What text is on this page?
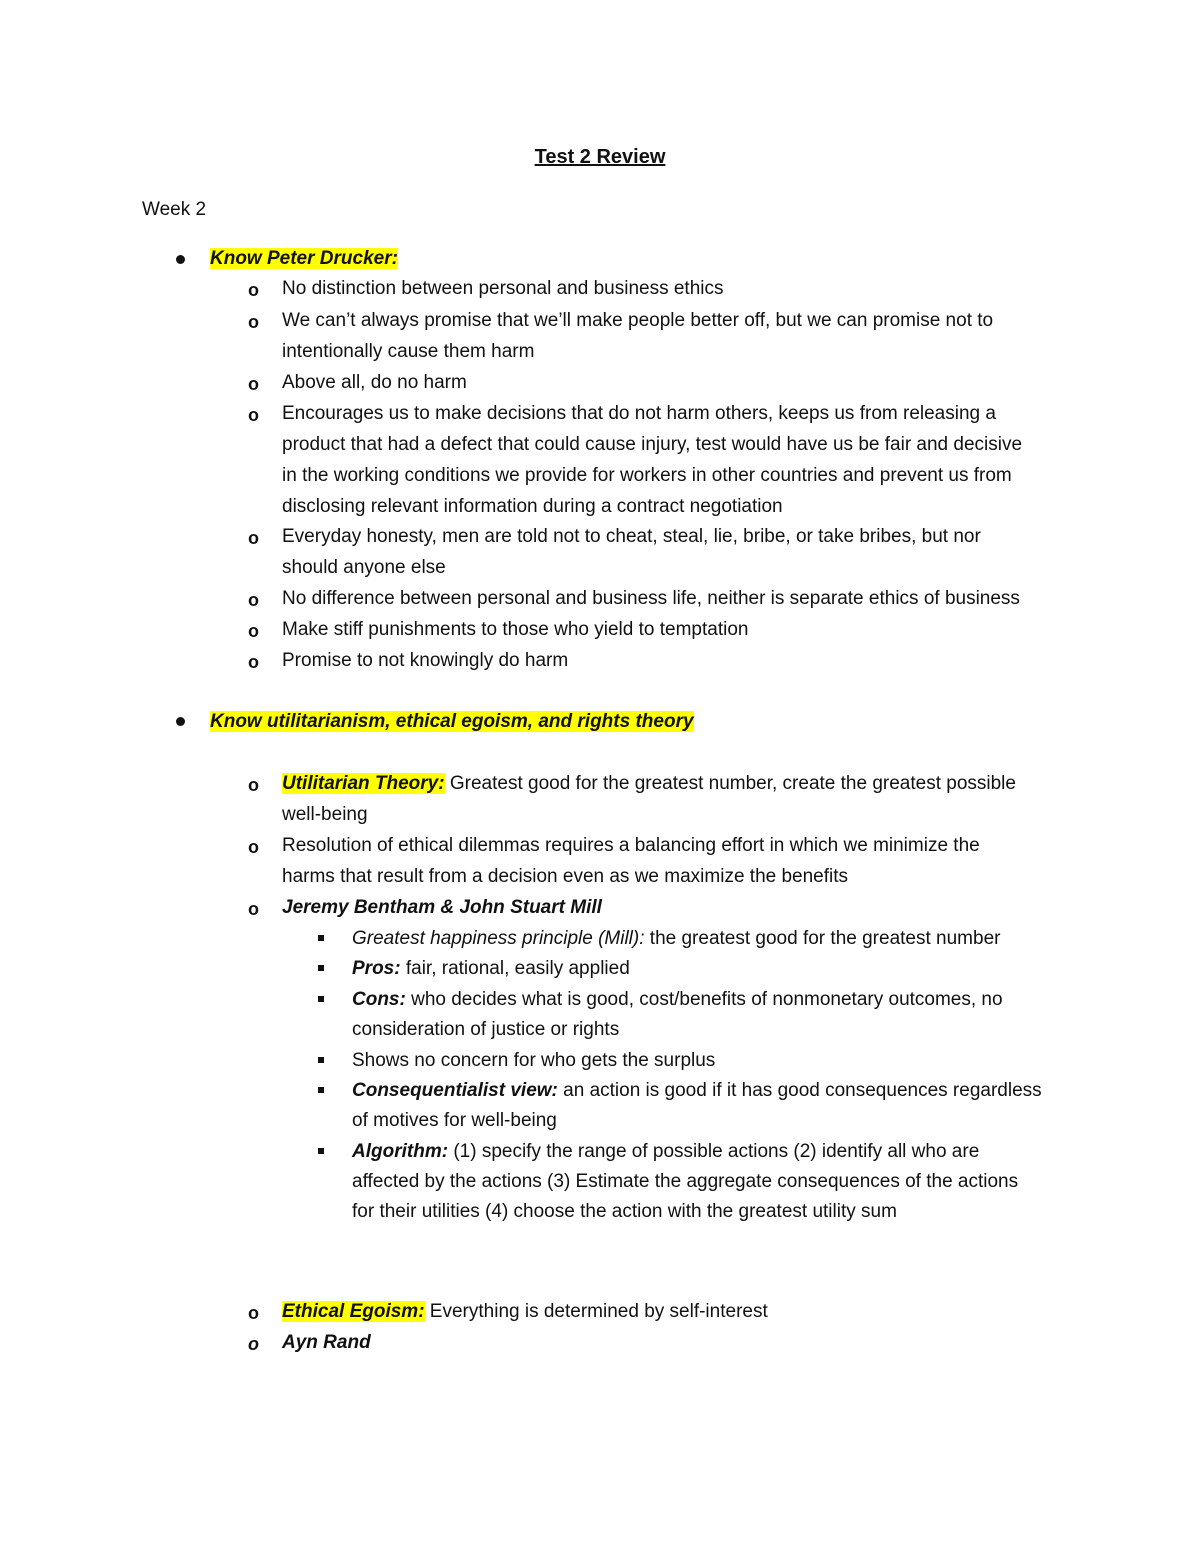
Test 2 Review
Week 2
Know Peter Drucker:
o No distinction between personal and business ethics
o We can’t always promise that we’ll make people better off, but we can promise not to
intentionally cause them harm
o Above all, do no harm
o Encourages us to make decisions that do not harm others, keeps us from releasing a
product that had a defect that could cause injury, test would have us be fair and decisive
in the working conditions we provide for workers in other countries and prevent us from
disclosing relevant information during a contract negotiation
o Everyday honesty, men are told not to cheat, steal, lie, bribe, or take bribes, but nor
should anyone else
o No difference between personal and business life, neither is separate ethics of business
o Make stiff punishments to those who yield to temptation
o Promise to not knowingly do harm
Know utilitarianism, ethical egoism, and rights theory
o Utilitarian Theory: Greatest good for the greatest number, create the greatest possible
well-being
o Resolution of ethical dilemmas requires a balancing effort in which we minimize the
harms that result from a decision even as we maximize the benefits
o Jeremy Bentham & John Stuart Mill
Greatest happiness principle (Mill): the greatest good for the greatest number
Pros: fair, rational, easily applied
Cons: who decides what is good, cost/benefits of nonmonetary outcomes, no
consideration of justice or rights
Shows no concern for who gets the surplus
Consequentialist view: an action is good if it has good consequences regardless
of motives for well-being
Algorithm: (1) specify the range of possible actions (2) identify all who are
affected by the actions (3) Estimate the aggregate consequences of the actions
for their utilities (4) choose the action with the greatest utility sum
o Ethical Egoism: Everything is determined by self-interest
o Ayn Rand
